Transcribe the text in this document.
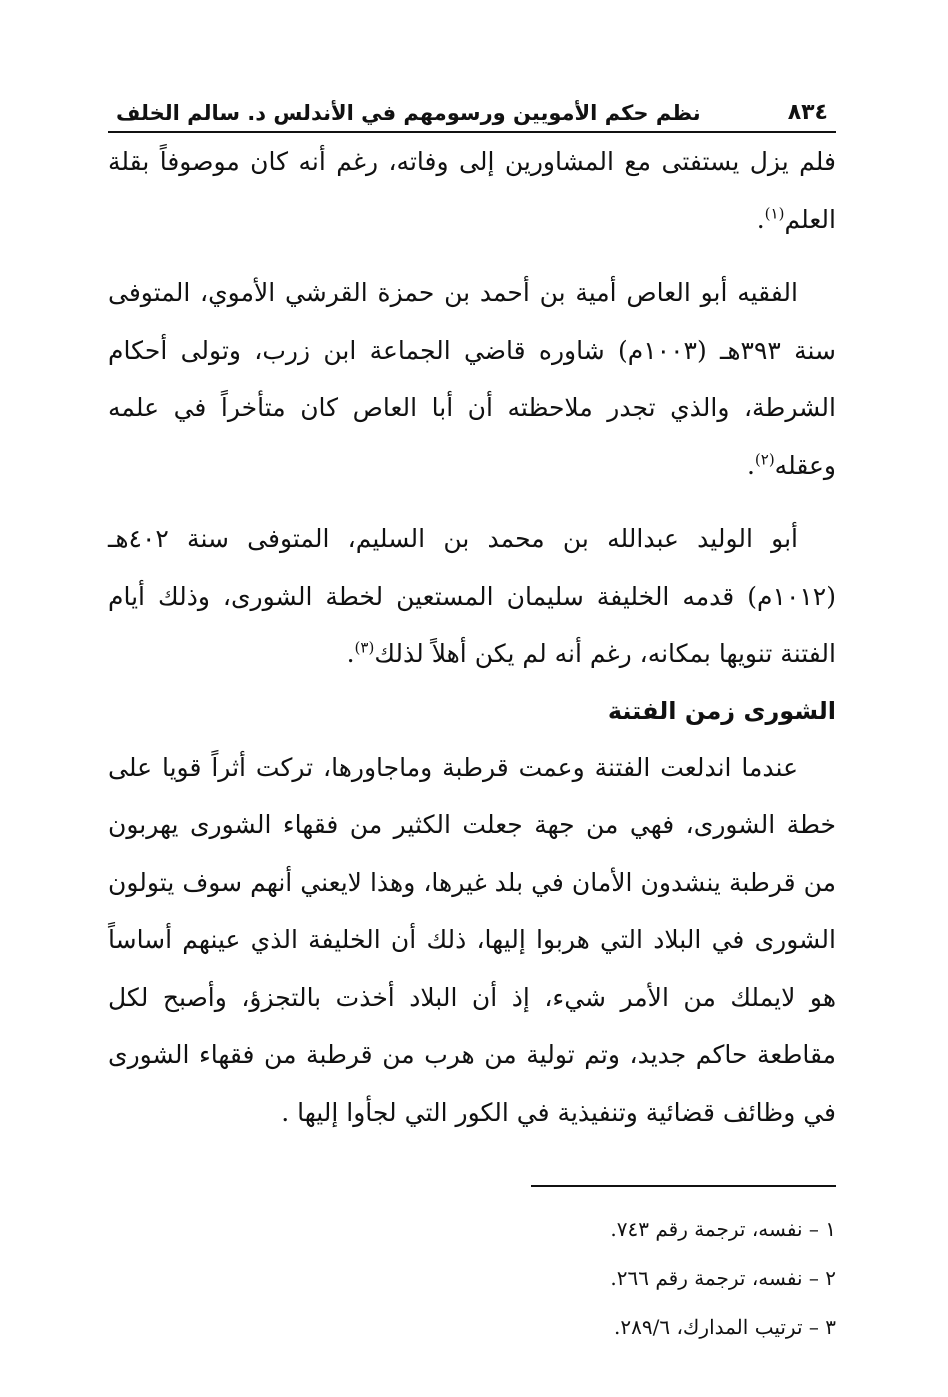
٨٣٤
نظم حكم الأمويين ورسومهم في الأندلس د. سالم الخلف

فلم يزل يستفتى مع المشاورين إلى وفاته، رغم أنه كان موصوفاً بقلة العلم$^{(١)}$.

الفقيه أبو العاص أمية بن أحمد بن حمزة القرشي الأموي، المتوفى سنة ٣٩٣هـ (١٠٠٣م) شاوره قاضي الجماعة ابن زرب، وتولى أحكام الشرطة، والذي تجدر ملاحظته أن أبا العاص كان متأخراً في علمه وعقله$^{(٢)}$.

أبو الوليد عبدالله بن محمد بن السليم، المتوفى سنة ٤٠٢هـ (١٠١٢م) قدمه الخليفة سليمان المستعين لخطة الشورى، وذلك أيام الفتنة تنويها بمكانه، رغم أنه لم يكن أهلاً لذلك$^{(٣)}$.

الشورى زمن الفتنة

عندما اندلعت الفتنة وعمت قرطبة وماجاورها، تركت أثراً قويا على خطة الشورى، فهي من جهة جعلت الكثير من فقهاء الشورى يهربون من قرطبة ينشدون الأمان في بلد غيرها، وهذا لايعني أنهم سوف يتولون الشورى في البلاد التي هربوا إليها، ذلك أن الخليفة الذي عينهم أساساً هو لايملك من الأمر شيء، إذ أن البلاد أخذت بالتجزؤ، وأصبح لكل مقاطعة حاكم جديد، وتم تولية من هرب من قرطبة من فقهاء الشورى في وظائف قضائية وتنفيذية في الكور التي لجأوا إليها .

١ – نفسه، ترجمة رقم ٧٤٣.
٢ – نفسه، ترجمة رقم ٢٦٦.
٣ – ترتيب المدارك، ٢٨٩/٦.
